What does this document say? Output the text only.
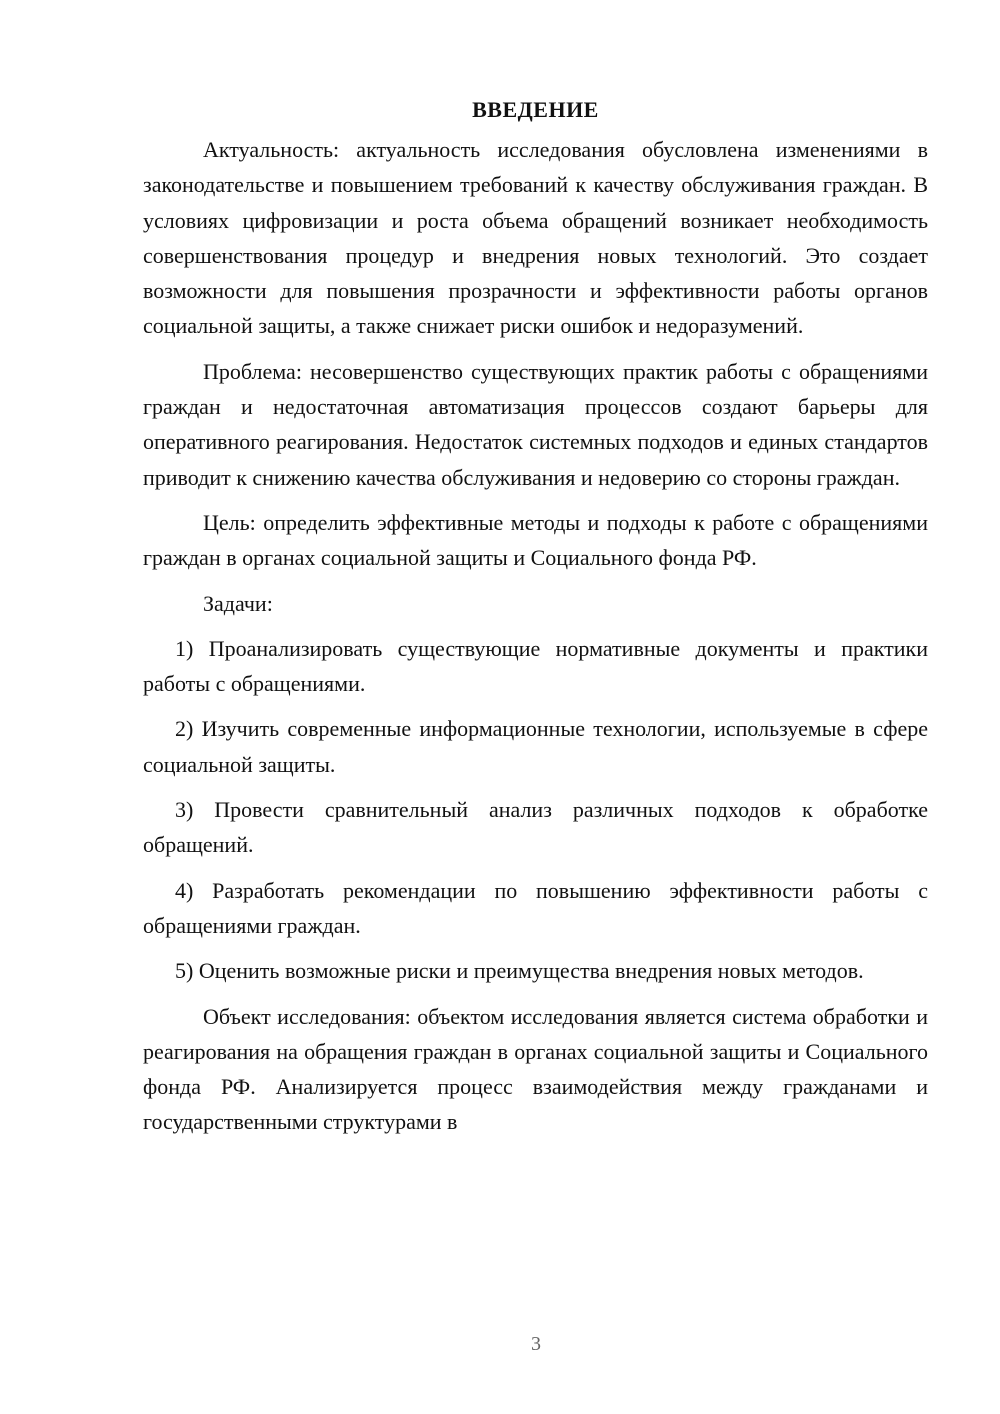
ВВЕДЕНИЕ

Актуальность: актуальность исследования обусловлена изменениями в законодательстве и повышением требований к качеству обслуживания граждан. В условиях цифровизации и роста объема обращений возникает необходимость совершенствования процедур и внедрения новых технологий. Это создает возможности для повышения прозрачности и эффективности работы органов социальной защиты, а также снижает риски ошибок и недоразумений.

Проблема: несовершенство существующих практик работы с обращениями граждан и недостаточная автоматизация процессов создают барьеры для оперативного реагирования. Недостаток системных подходов и единых стандартов приводит к снижению качества обслуживания и недоверию со стороны граждан.

Цель: определить эффективные методы и подходы к работе с обращениями граждан в органах социальной защиты и Социального фонда РФ.

Задачи:

1) Проанализировать существующие нормативные документы и практики работы с обращениями.

2) Изучить современные информационные технологии, используемые в сфере социальной защиты.

3) Провести сравнительный анализ различных подходов к обработке обращений.

4) Разработать рекомендации по повышению эффективности работы с обращениями граждан.

5) Оценить возможные риски и преимущества внедрения новых методов.

Объект исследования: объектом исследования является система обработки и реагирования на обращения граждан в органах социальной защиты и Социального фонда РФ. Анализируется процесс взаимодействия между гражданами и государственными структурами в

3
